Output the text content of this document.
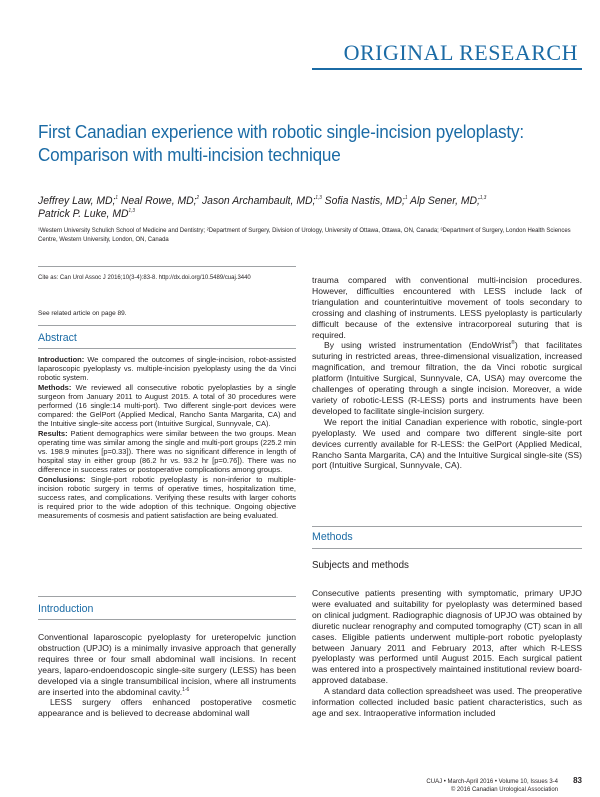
ORIGINAL RESEARCH
First Canadian experience with robotic single-incision pyeloplasty: Comparison with multi-incision technique
Jeffrey Law, MD;$^1$ Neal Rowe, MD;$^2$ Jason Archambault, MD;$^{1,3}$ Sofia Nastis, MD;$^1$ Alp Sener, MD;$^{1,3}$
Patrick P. Luke, MD$^{1,3}$
¹Western University Schulich School of Medicine and Dentistry; ²Department of Surgery, Division of Urology, University of Ottawa, Ottawa, ON, Canada; ³Department of Surgery, London Health Sciences Centre, Western University, London, ON, Canada
Cite as: Can Urol Assoc J 2016;10(3-4):83-8. http://dx.doi.org/10.5489/cuaj.3440
See related article on page 89.
Abstract

Introduction: We compared the outcomes of single-incision, robot-assisted laparoscopic pyeloplasty vs. multiple-incision pyeloplasty using the da Vinci robotic system.

Methods: We reviewed all consecutive robotic pyeloplasties by a single surgeon from January 2011 to August 2015. A total of 30 procedures were performed (16 single:14 multi-port). Two different single-port devices were compared: the GelPort (Applied Medical, Rancho Santa Margarita, CA) and the Intuitive single-site access port (Intuitive Surgical, Sunnyvale, CA).

Results: Patient demographics were similar between the two groups. Mean operating time was similar among the single and multi-port groups (225.2 min vs. 198.9 minutes [p=0.33]). There was no significant difference in length of hospital stay in either group (86.2 hr vs. 93.2 hr [p=0.76]). There was no difference in success rates or postoperative complications among groups.

Conclusions: Single-port robotic pyeloplasty is non-inferior to multiple-incision robotic surgery in terms of operative times, hospitalization time, success rates, and complications. Verifying these results with larger cohorts is required prior to the wide adoption of this technique. Ongoing objective measurements of cosmesis and patient satisfaction are being evaluated.

Introduction

Conventional laparoscopic pyeloplasty for ureteropelvic junction obstruction (UPJO) is a minimally invasive approach that generally requires three or four small abdominal wall incisions. In recent years, laparo-endoendoscopic single-site surgery (LESS) has been developed via a single transumbilical incision, where all instruments are inserted into the abdominal cavity.$^{1-6}$

LESS surgery offers enhanced postoperative cosmetic appearance and is believed to decrease abdominal wall

trauma compared with conventional multi-incision procedures. However, difficulties encountered with LESS include lack of triangulation and counterintuitive movement of tools secondary to crossing and clashing of instruments. LESS pyeloplasty is particularly difficult because of the extensive intracorporeal suturing that is required.

By using wristed instrumentation (EndoWrist®) that facilitates suturing in restricted areas, three-dimensional visualization, increased magnification, and tremour filtration, the da Vinci robotic surgical platform (Intuitive Surgical, Sunnyvale, CA, USA) may overcome the challenges of operating through a single incision. Moreover, a wide variety of robotic-LESS (R-LESS) ports and instruments have been developed to facilitate single-incision surgery.

We report the initial Canadian experience with robotic, single-port pyeloplasty. We used and compare two different single-site port devices currently available for R-LESS: the GelPort (Applied Medical, Rancho Santa Margarita, CA) and the Intuitive Surgical single-site (SS) port (Intuitive Surgical, Sunnyvale, CA).

Methods
Subjects and methods

Consecutive patients presenting with symptomatic, primary UPJO were evaluated and suitability for pyeloplasty was determined based on clinical judgment. Radiographic diagnosis of UPJO was obtained by diuretic nuclear renography and computed tomography (CT) scan in all cases. Eligible patients underwent multiple-port robotic pyeloplasty between January 2011 and February 2013, after which R-LESS pyeloplasty was performed until August 2015. Each surgical patient was entered into a prospectively maintained institutional review board-approved database.

A standard data collection spreadsheet was used. The preoperative information collected included basic patient characteristics, such as age and sex. Intraoperative information included

CUAJ • March-April 2016 • Volume 10, Issues 3-4
© 2016 Canadian Urological Association
83
